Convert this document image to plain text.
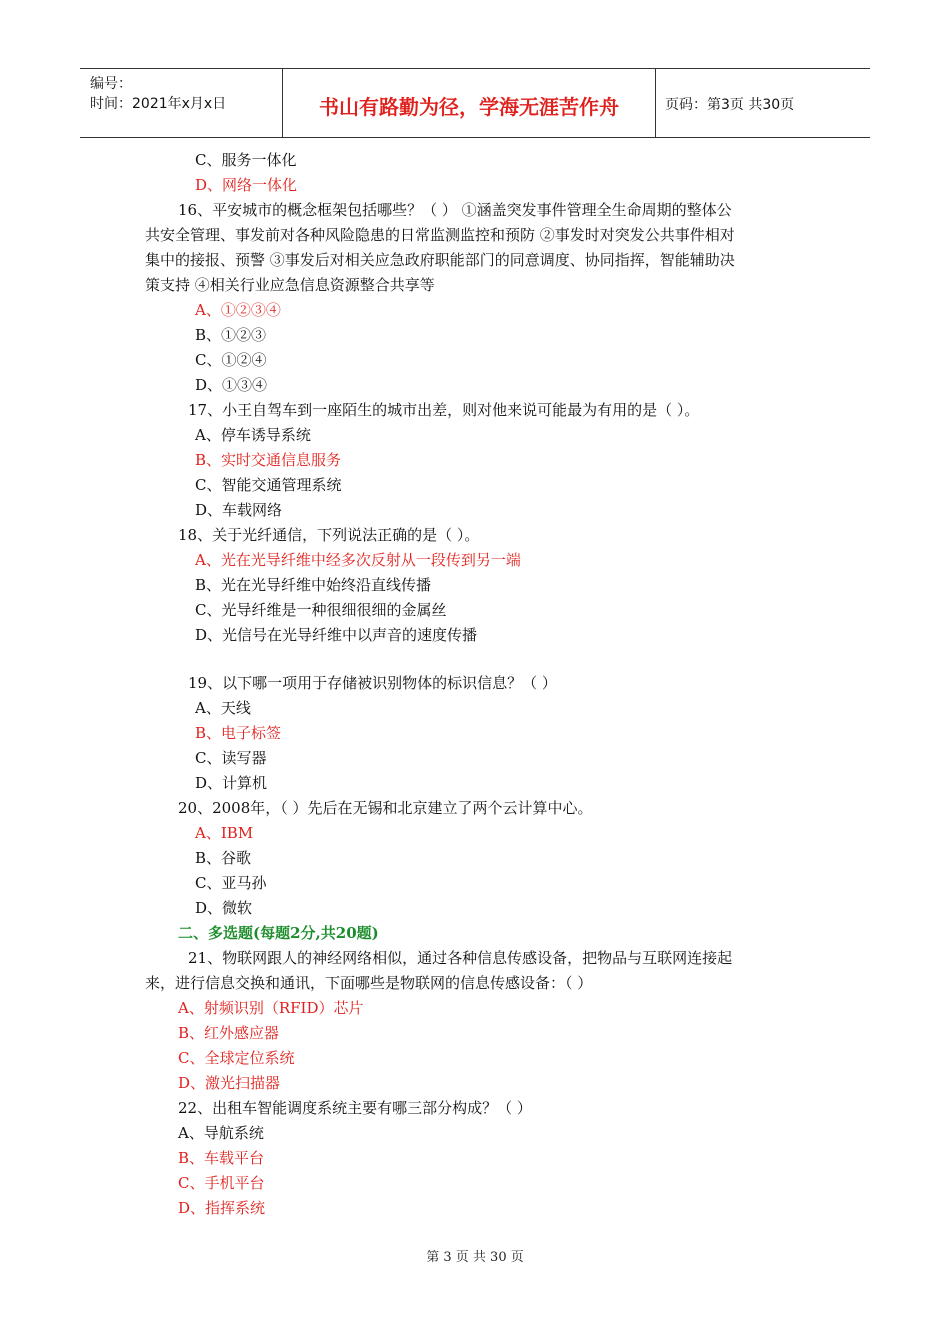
编号：
时间：2021年x月x日	书山有路勤为径，学海无涯苦作舟	页码：第3页 共30页
C、服务一体化
D、网络一体化
16、平安城市的概念框架包括哪些？（ ） ①涵盖突发事件管理全生命周期的整体公
共安全管理、事发前对各种风险隐患的日常监测监控和预防 ②事发时对突发公共事件相对
集中的接报、预警 ③事发后对相关应急政府职能部门的同意调度、协同指挥，智能辅助决
策支持 ④相关行业应急信息资源整合共享等
A、①②③④
B、①②③
C、①②④
D、①③④
17、小王自驾车到一座陌生的城市出差，则对他来说可能最为有用的是（ ）。
A、停车诱导系统
B、实时交通信息服务
C、智能交通管理系统
D、车载网络
18、关于光纤通信，下列说法正确的是（ ）。
A、光在光导纤维中经多次反射从一段传到另一端
B、光在光导纤维中始终沿直线传播
C、光导纤维是一种很细很细的金属丝
D、光信号在光导纤维中以声音的速度传播
19、以下哪一项用于存储被识别物体的标识信息？（ ）
A、天线
B、电子标签
C、读写器
D、计算机
20、2008年，（ ）先后在无锡和北京建立了两个云计算中心。
A、IBM
B、谷歌
C、亚马孙
D、微软
二、多选题(每题2分,共20题)
21、物联网跟人的神经网络相似，通过各种信息传感设备，把物品与互联网连接起
来，进行信息交换和通讯，下面哪些是物联网的信息传感设备：（ ）
A、射频识别（RFID）芯片
B、红外感应器
C、全球定位系统
D、激光扫描器
22、出租车智能调度系统主要有哪三部分构成？（ ）
A、导航系统
B、车载平台
C、手机平台
D、指挥系统
第 3 页 共 30 页
